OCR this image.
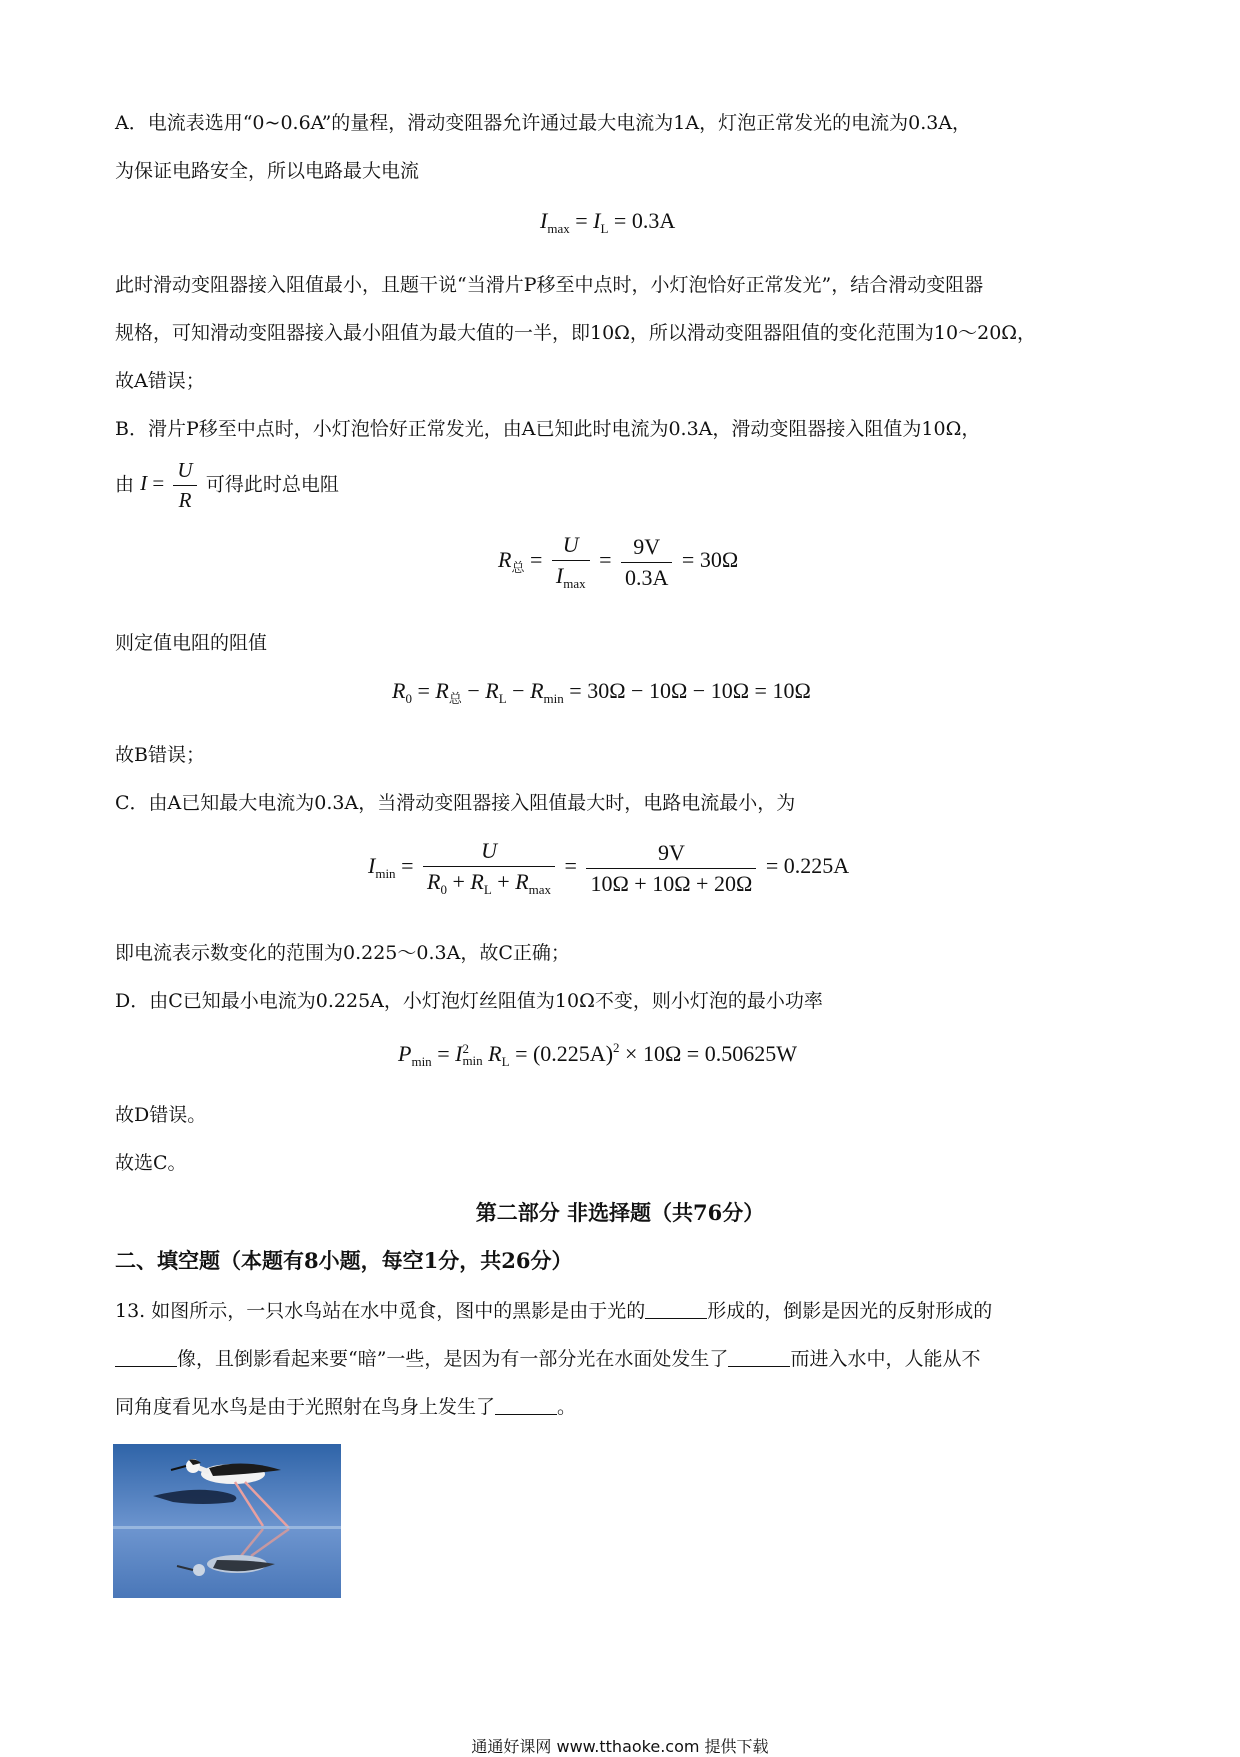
A．电流表选用“0~0.6A”的量程，滑动变阻器允许通过最大电流为1A，灯泡正常发光的电流为0.3A，
为保证电路安全，所以电路最大电流
$I_{max} = I_L = 0.3A$
此时滑动变阻器接入阻值最小，且题干说“当滑片P移至中点时，小灯泡恰好正常发光”，结合滑动变阻器
规格，可知滑动变阻器接入最小阻值为最大值的一半，即10Ω，所以滑动变阻器阻值的变化范围为10～20Ω，
故A错误；
B．滑片P移至中点时，小灯泡恰好正常发光，由A已知此时电流为0.3A，滑动变阻器接入阻值为10Ω，
由 $I = \frac{U}{R}$ 可得此时总电阻
$R_总 = \frac{U}{I_{max}} = \frac{9V}{0.3A} = 30\Omega$
则定值电阻的阻值
$R_0 = R_总 - R_L - R_{min} = 30\Omega - 10\Omega - 10\Omega = 10\Omega$
故B错误；
C．由A已知最大电流为0.3A，当滑动变阻器接入阻值最大时，电路电流最小，为
$I_{min} = \frac{U}{R_0 + R_L + R_{max}} = \frac{9V}{10\Omega + 10\Omega + 20\Omega} = 0.225A$
即电流表示数变化的范围为0.225～0.3A，故C正确；
D．由C已知最小电流为0.225A，小灯泡灯丝阻值为10Ω不变，则小灯泡的最小功率
$P_{min} = I$ 2
$\min R_L = (0.225A)^2 \times 10\Omega = 0.50625W$
故D错误。
故选C。
第二部分 非选择题（共76分）
二、填空题（本题有8小题，每空1分，共26分）
13. 如图所示，一只水鸟站在水中觅食，图中的黑影是由于光的	形成的，倒影是因光的反射形成的
像，且倒影看起来要“暗”一些，是因为有一部分光在水面处发生了	而进入水中，人能从不
同角度看见水鸟是由于光照射在鸟身上发生了	。
通通好课网 www.tthaoke.com 提供下载
